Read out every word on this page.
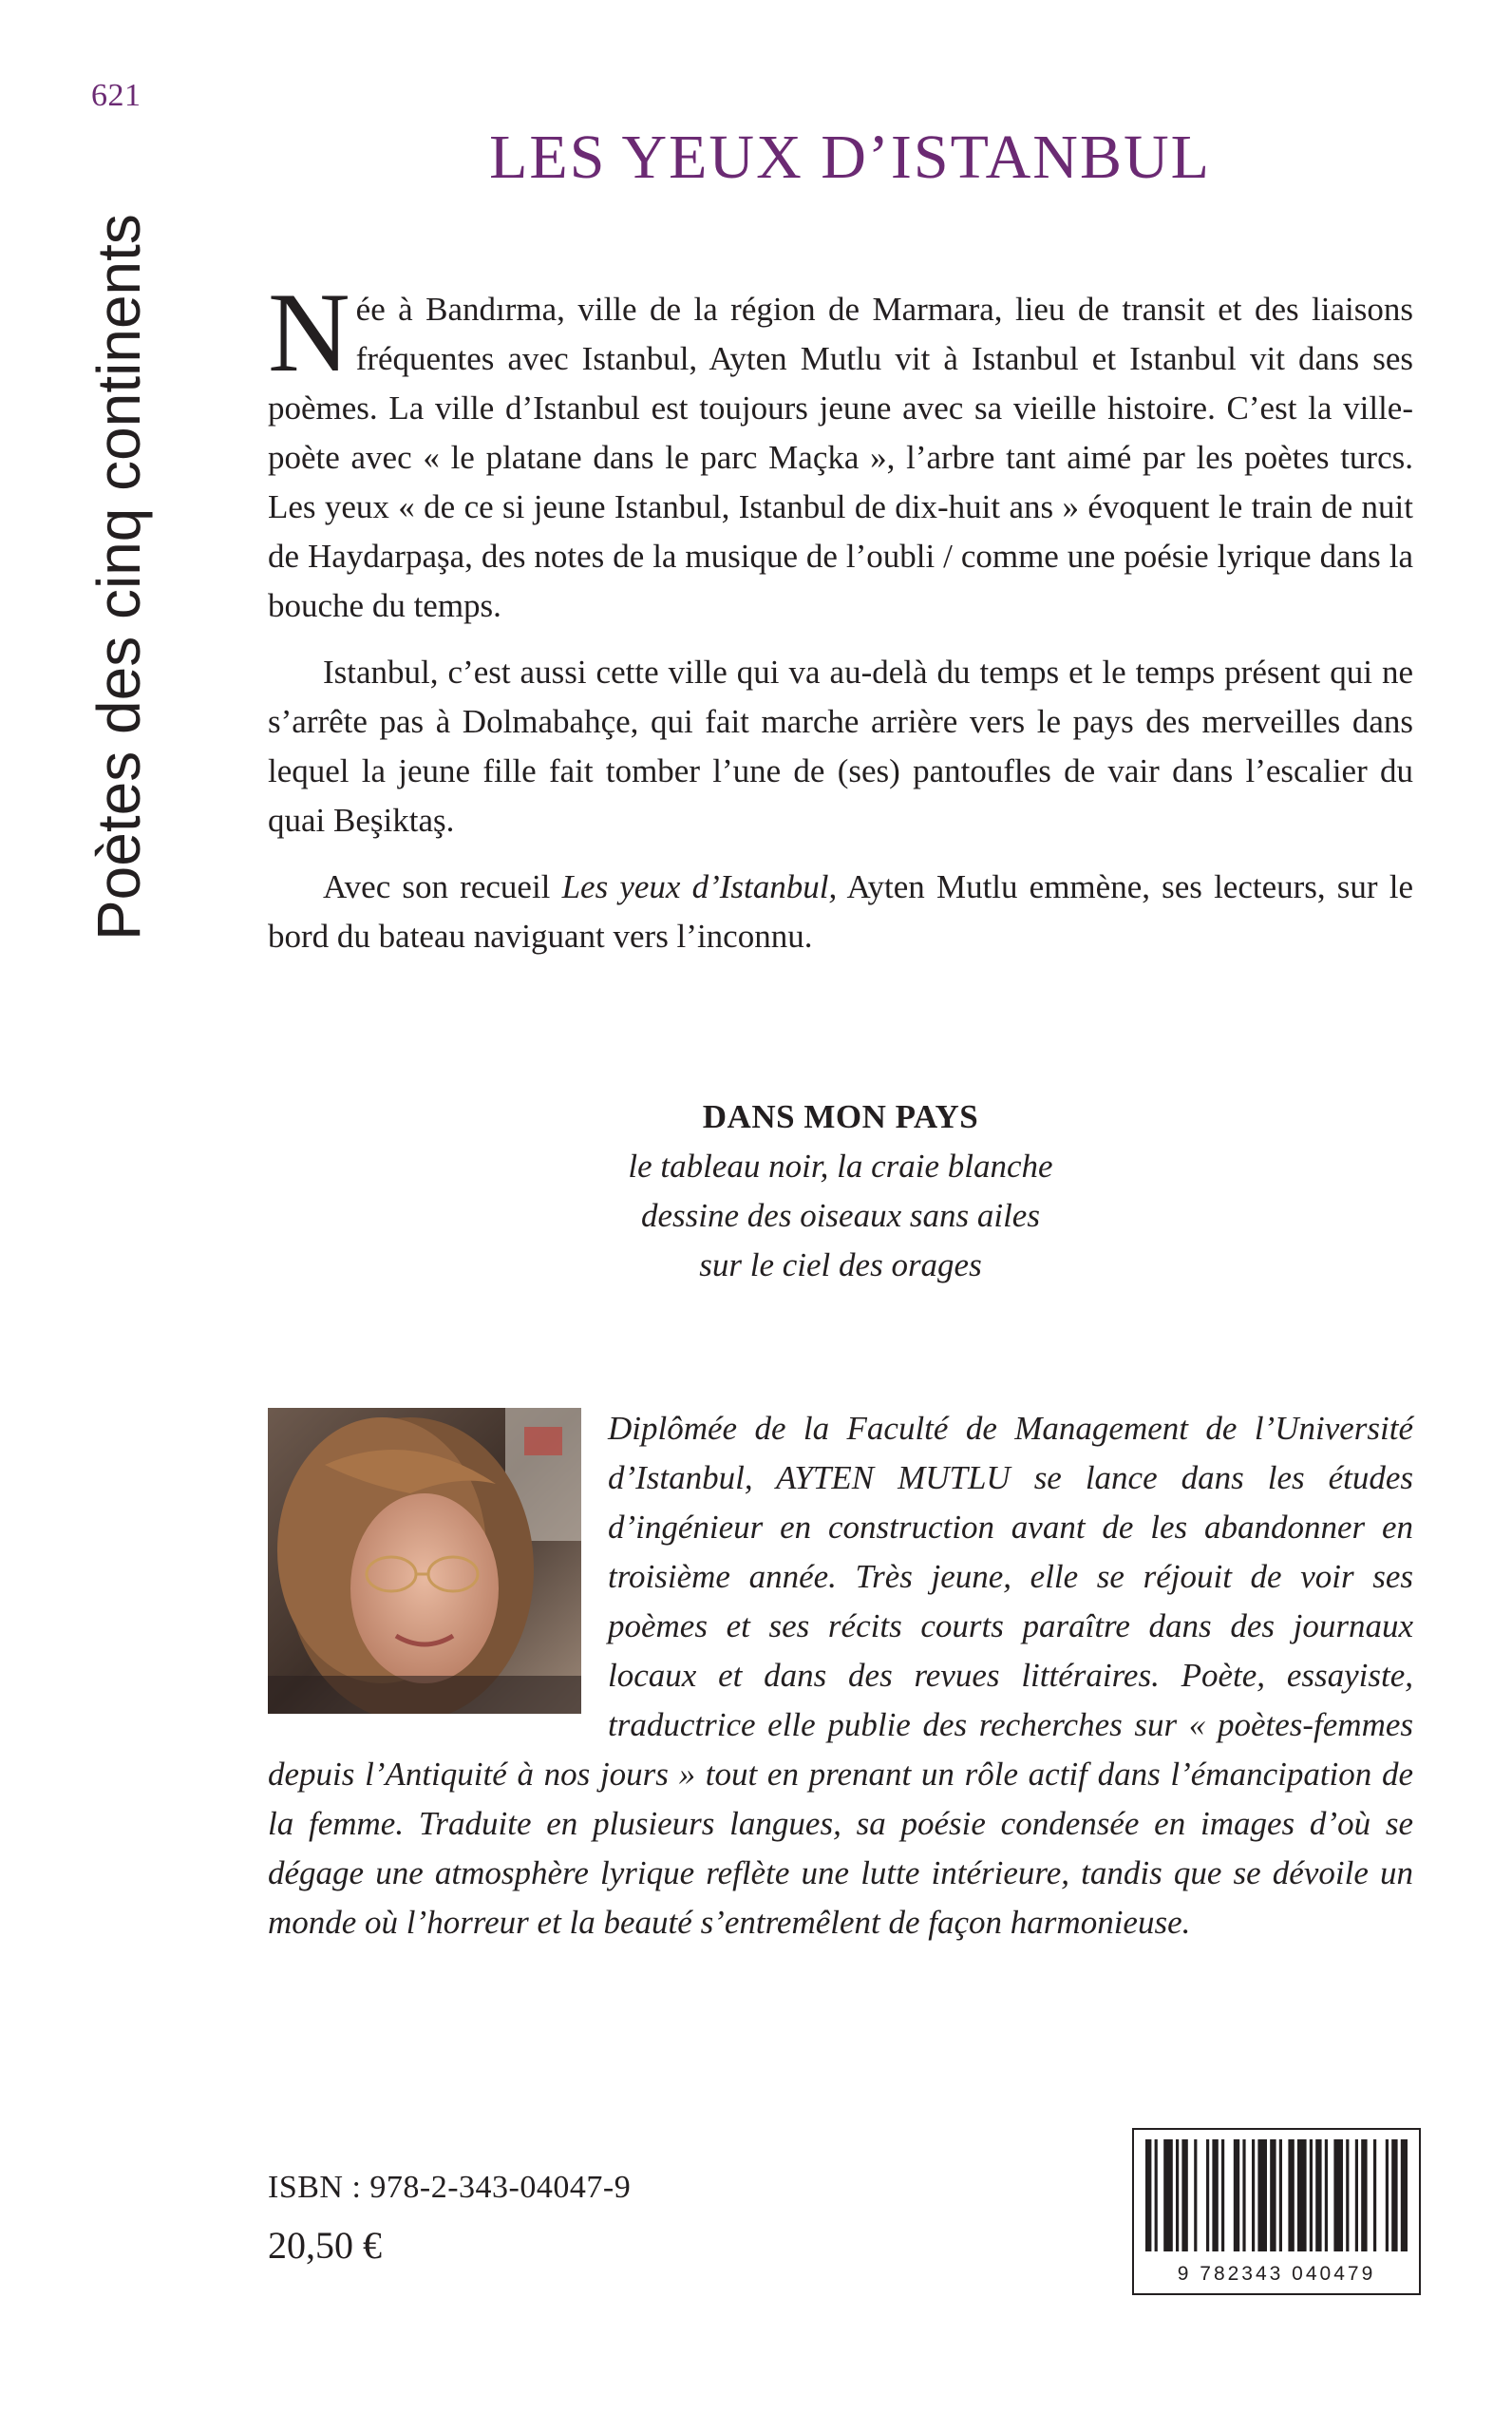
621
Poètes des cinq continents
LES YEUX D’ISTANBUL

Née à Bandırma, ville de la région de Marmara, lieu de transit et des liaisons fréquentes avec Istanbul, Ayten Mutlu vit à Istanbul et Istanbul vit dans ses poèmes. La ville d’Istanbul est toujours jeune avec sa vieille histoire. C’est la ville-poète avec « le platane dans le parc Maçka », l’arbre tant aimé par les poètes turcs. Les yeux « de ce si jeune Istanbul, Istanbul de dix-huit ans » évoquent le train de nuit de Haydarpaşa, des notes de la musique de l’oubli / comme une poésie lyrique dans la bouche du temps.

Istanbul, c’est aussi cette ville qui va au-delà du temps et le temps présent qui ne s’arrête pas à Dolmabahçe, qui fait marche arrière vers le pays des merveilles dans lequel la jeune fille fait tomber l’une de (ses) pantoufles de vair dans l’escalier du quai Beşiktaş.

Avec son recueil Les yeux d’Istanbul, Ayten Mutlu emmène, ses lecteurs, sur le bord du bateau naviguant vers l’inconnu.

DANS MON PAYS
le tableau noir, la craie blanche
dessine des oiseaux sans ailes
sur le ciel des orages
Diplômée de la Faculté de Management de l’Université d’Istanbul, AYTEN MUTLU se lance dans les études d’ingénieur en construction avant de les abandonner en troisième année. Très jeune, elle se réjouit de voir ses poèmes et ses récits courts paraître dans des journaux locaux et dans des revues littéraires. Poète, essayiste, traductrice elle publie des recherches sur « poètes-femmes depuis l’Antiquité à nos jours » tout en prenant un rôle actif dans l’émancipation de la femme. Traduite en plusieurs langues, sa poésie condensée en images d’où se dégage une atmosphère lyrique reflète une lutte intérieure, tandis que se dévoile un monde où l’horreur et la beauté s’entremêlent de façon harmonieuse.
ISBN : 978-2-343-04047-9
20,50 €
9 782343 040479
